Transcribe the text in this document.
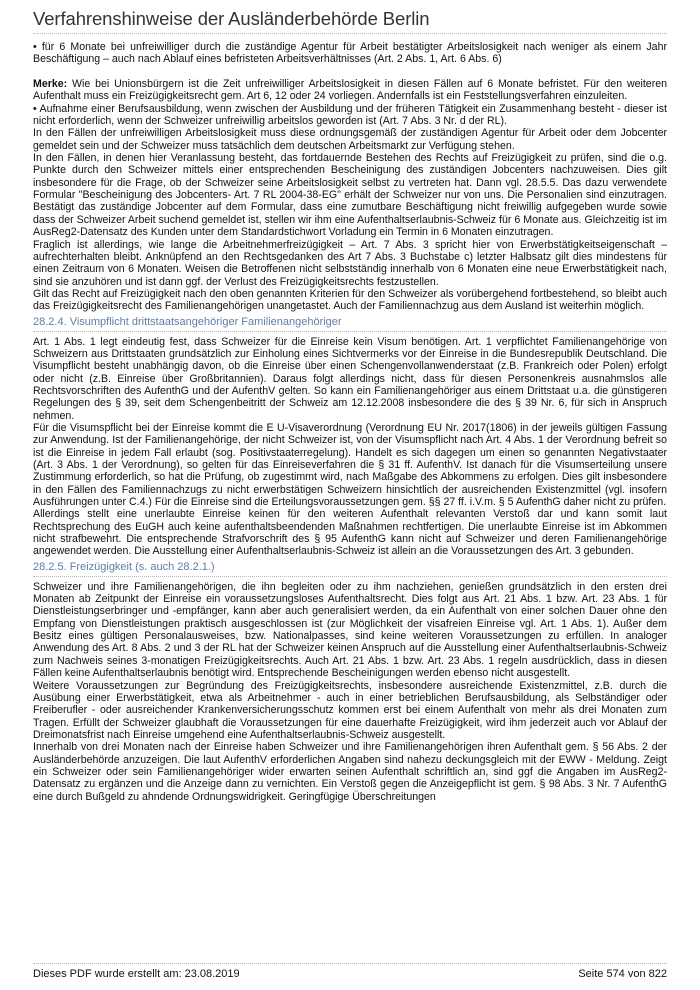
Verfahrenshinweise der Ausländerbehörde Berlin

• für 6 Monate bei unfreiwilliger durch die zuständige Agentur für Arbeit bestätigter Arbeitslosigkeit nach weniger als einem Jahr Beschäftigung – auch nach Ablauf eines befristeten Arbeitsverhältnisses (Art. 2 Abs. 1, Art. 6 Abs. 6)

Merke: Wie bei Unionsbürgern ist die Zeit unfreiwilliger Arbeitslosigkeit in diesen Fällen auf 6 Monate befristet. Für den weiteren Aufenthalt muss ein Freizügigkeitsrecht gem. Art 6, 12 oder 24 vorliegen. Andernfalls ist ein Feststellungsverfahren einzuleiten.

• Aufnahme einer Berufsausbildung, wenn zwischen der Ausbildung und der früheren Tätigkeit ein Zusammenhang besteht - dieser ist nicht erforderlich, wenn der Schweizer unfreiwillig arbeitslos geworden ist (Art. 7 Abs. 3 Nr. d der RL).

In den Fällen der unfreiwilligen Arbeitslosigkeit muss diese ordnungsgemäß der zuständigen Agentur für Arbeit oder dem Jobcenter gemeldet sein und der Schweizer muss tatsächlich dem deutschen Arbeitsmarkt zur Verfügung stehen.

In den Fällen, in denen hier Veranlassung besteht, das fortdauernde Bestehen des Rechts auf Freizügigkeit zu prüfen, sind die o.g. Punkte durch den Schweizer mittels einer entsprechenden Bescheinigung des zuständigen Jobcenters nachzuweisen. Dies gilt insbesondere für die Frage, ob der Schweizer seine Arbeitslosigkeit selbst zu vertreten hat. Dann vgl. 28.5.5. Das dazu verwendete Formular "Bescheinigung des Jobcenters- Art. 7 RL 2004-38-EG" erhält der Schweizer nur von uns. Die Personalien sind einzutragen. Bestätigt das zuständige Jobcenter auf dem Formular, dass eine zumutbare Beschäftigung nicht freiwillig aufgegeben wurde sowie dass der Schweizer Arbeit suchend gemeldet ist, stellen wir ihm eine Aufenthaltserlaubnis-Schweiz für 6 Monate aus. Gleichzeitig ist im AusReg2-Datensatz des Kunden unter dem Standardstichwort Vorladung ein Termin in 6 Monaten einzutragen.

Fraglich ist allerdings, wie lange die Arbeitnehmerfreizügigkeit – Art. 7 Abs. 3 spricht hier von Erwerbstätigkeitseigenschaft – aufrechterhalten bleibt. Anknüpfend an den Rechtsgedanken des Art 7 Abs. 3 Buchstabe c) letzter Halbsatz gilt dies mindestens für einen Zeitraum von 6 Monaten. Weisen die Betroffenen nicht selbstständig innerhalb von 6 Monaten eine neue Erwerbstätigkeit nach, sind sie anzuhören und ist dann ggf. der Verlust des Freizügigkeitsrechts festzustellen.

Gilt das Recht auf Freizügigkeit nach den oben genannten Kriterien für den Schweizer als vorübergehend fortbestehend, so bleibt auch das Freizügigkeitsrecht des Familienangehörigen unangetastet. Auch der Familiennachzug aus dem Ausland ist weiterhin möglich.

28.2.4. Visumpflicht drittstaatsangehöriger Familienangehöriger

Art. 1 Abs. 1 legt eindeutig fest, dass Schweizer für die Einreise kein Visum benötigen. Art. 1 verpflichtet Familienangehörige von Schweizern aus Drittstaaten grundsätzlich zur Einholung eines Sichtvermerks vor der Einreise in die Bundesrepublik Deutschland. Die Visumpflicht besteht unabhängig davon, ob die Einreise über einen Schengenvollanwenderstaat (z.B. Frankreich oder Polen) erfolgt oder nicht (z.B. Einreise über Großbritannien). Daraus folgt allerdings nicht, dass für diesen Personenkreis ausnahmslos alle Rechtsvorschriften des AufenthG und der AufenthV gelten. So kann ein Familienangehöriger aus einem Drittstaat u.a. die günstigeren Regelungen des § 39, seit dem Schengenbeitritt der Schweiz am 12.12.2008 insbesondere die des § 39 Nr. 6, für sich in Anspruch nehmen.

Für die Visumspflicht bei der Einreise kommt die E U-Visaverordnung (Verordnung EU Nr. 2017(1806) in der jeweils gültigen Fassung zur Anwendung. Ist der Familienangehörige, der nicht Schweizer ist, von der Visumspflicht nach Art. 4 Abs. 1 der Verordnung befreit so ist die Einreise in jedem Fall erlaubt (sog. Positivstaaterregelung). Handelt es sich dagegen um einen so genannten Negativstaater (Art. 3 Abs. 1 der Verordnung), so gelten für das Einreiseverfahren die § 31 ff. AufenthV. Ist danach für die Visumserteilung unsere Zustimmung erforderlich, so hat die Prüfung, ob zugestimmt wird, nach Maßgabe des Abkommens zu erfolgen. Dies gilt insbesondere in den Fällen des Familiennachzugs zu nicht erwerbstätigen Schweizern hinsichtlich der ausreichenden Existenzmittel (vgl. insofern Ausführungen unter C.4.) Für die Einreise sind die Erteilungsvoraussetzungen gem. §§ 27 ff. i.V.m. § 5 AufenthG daher nicht zu prüfen.

Allerdings stellt eine unerlaubte Einreise keinen für den weiteren Aufenthalt relevanten Verstoß dar und kann somit laut Rechtsprechung des EuGH auch keine aufenthaltsbeendenden Maßnahmen rechtfertigen. Die unerlaubte Einreise ist im Abkommen nicht strafbewehrt. Die entsprechende Strafvorschrift des § 95 AufenthG kann nicht auf Schweizer und deren Familienangehörige angewendet werden. Die Ausstellung einer Aufenthaltserlaubnis-Schweiz ist allein an die Voraussetzungen des Art. 3 gebunden.

28.2.5. Freizügigkeit (s. auch 28.2.1.)

Schweizer und ihre Familienangehörigen, die ihn begleiten oder zu ihm nachziehen, genießen grundsätzlich in den ersten drei Monaten ab Zeitpunkt der Einreise ein voraussetzungsloses Aufenthaltsrecht. Dies folgt aus Art. 21 Abs. 1 bzw. Art. 23 Abs. 1 für Dienstleistungserbringer und -empfänger, kann aber auch generalisiert werden, da ein Aufenthalt von einer solchen Dauer ohne den Empfang von Dienstleistungen praktisch ausgeschlossen ist (zur Möglichkeit der visafreien Einreise vgl. Art. 1 Abs. 1). Außer dem Besitz eines gültigen Personalausweises, bzw. Nationalpasses, sind keine weiteren Voraussetzungen zu erfüllen. In analoger Anwendung des Art. 8 Abs. 2 und 3 der RL hat der Schweizer keinen Anspruch auf die Ausstellung einer Aufenthaltserlaubnis-Schweiz zum Nachweis seines 3-monatigen Freizügigkeitsrechts. Auch Art. 21 Abs. 1 bzw. Art. 23 Abs. 1 regeln ausdrücklich, dass in diesen Fällen keine Aufenthaltserlaubnis benötigt wird. Entsprechende Bescheinigungen werden ebenso nicht ausgestellt.

Weitere Voraussetzungen zur Begründung des Freizügigkeitsrechts, insbesondere ausreichende Existenzmittel, z.B. durch die Ausübung einer Erwerbstätigkeit, etwa als Arbeitnehmer - auch in einer betrieblichen Berufsausbildung, als Selbständiger oder Freiberufler - oder ausreichender Krankenversicherungsschutz kommen erst bei einem Aufenthalt von mehr als drei Monaten zum Tragen. Erfüllt der Schweizer glaubhaft die Voraussetzungen für eine dauerhafte Freizügigkeit, wird ihm jederzeit auch vor Ablauf der Dreimonatsfrist nach Einreise umgehend eine Aufenthaltserlaubnis-Schweiz ausgestellt.

Innerhalb von drei Monaten nach der Einreise haben Schweizer und ihre Familienangehörigen ihren Aufenthalt gem. § 56 Abs. 2 der Ausländerbehörde anzuzeigen. Die laut AufenthV erforderlichen Angaben sind nahezu deckungsgleich mit der EWW - Meldung. Zeigt ein Schweizer oder sein Familienangehöriger wider erwarten seinen Aufenthalt schriftlich an, sind ggf die Angaben im AusReg2-Datensatz zu ergänzen und die Anzeige dann zu vernichten. Ein Verstoß gegen die Anzeigepflicht ist gem. § 98 Abs. 3 Nr. 7 AufenthG eine durch Bußgeld zu ahndende Ordnungswidrigkeit. Geringfügige Überschreitungen

Dieses PDF wurde erstellt am: 23.08.2019	Seite 574 von 822
